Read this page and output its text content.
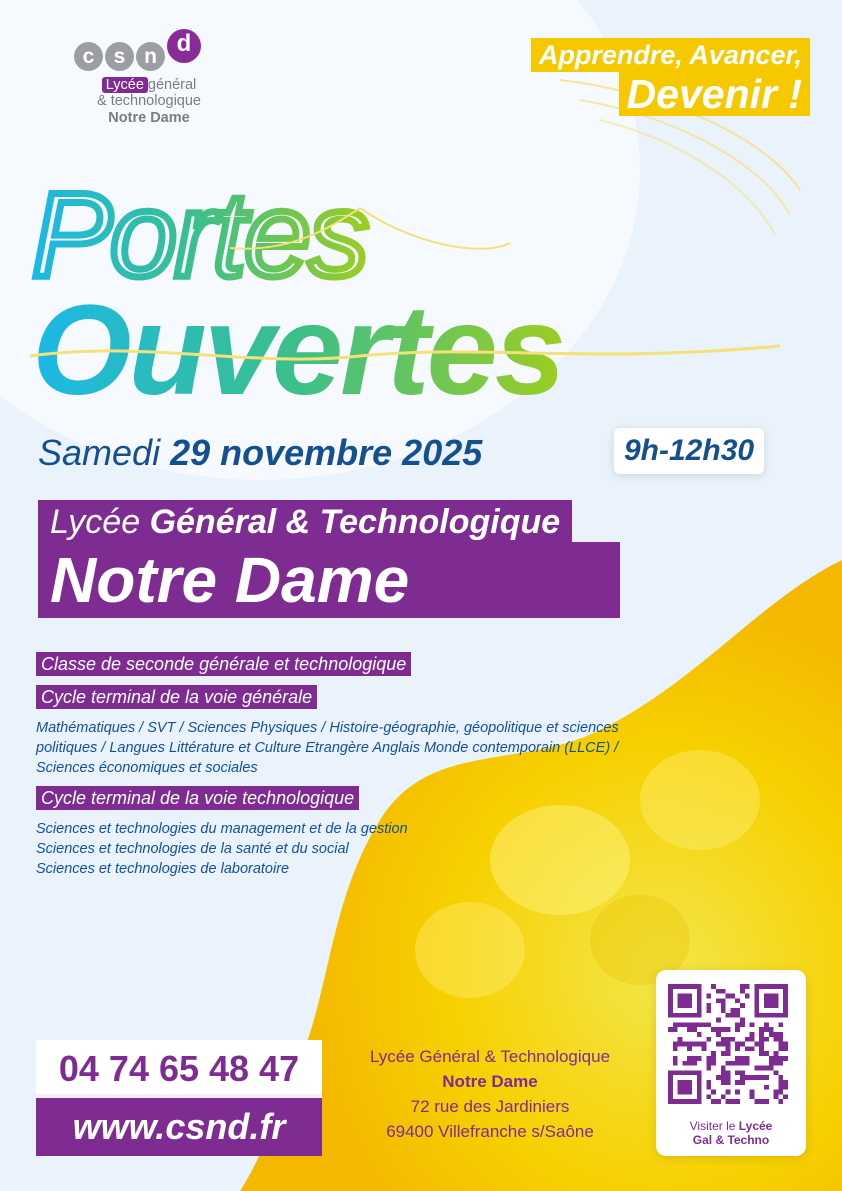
c s n d
Lycée général
& technologique
Notre Dame
Apprendre, Avancer,
Devenir !
Portes
Ouvertes
Samedi 29 novembre 2025	9h-12h30
Lycée Général & Technologique
Notre Dame
Classe de seconde générale et technologique
Cycle terminal de la voie générale
Mathématiques / SVT / Sciences Physiques / Histoire-géographie, géopolitique et sciences politiques / Langues Littérature et Culture Etrangère Anglais Monde contemporain (LLCE) / Sciences économiques et sociales
Cycle terminal de la voie technologique
Sciences et technologies du management et de la gestion
Sciences et technologies de la santé et du social
Sciences et technologies de laboratoire
04 74 65 48 47
www.csnd.fr
Lycée Général & Technologique
Notre Dame
72 rue des Jardiniers
69400 Villefranche s/Saône	Visiter le Lycée
Gal & Techno
